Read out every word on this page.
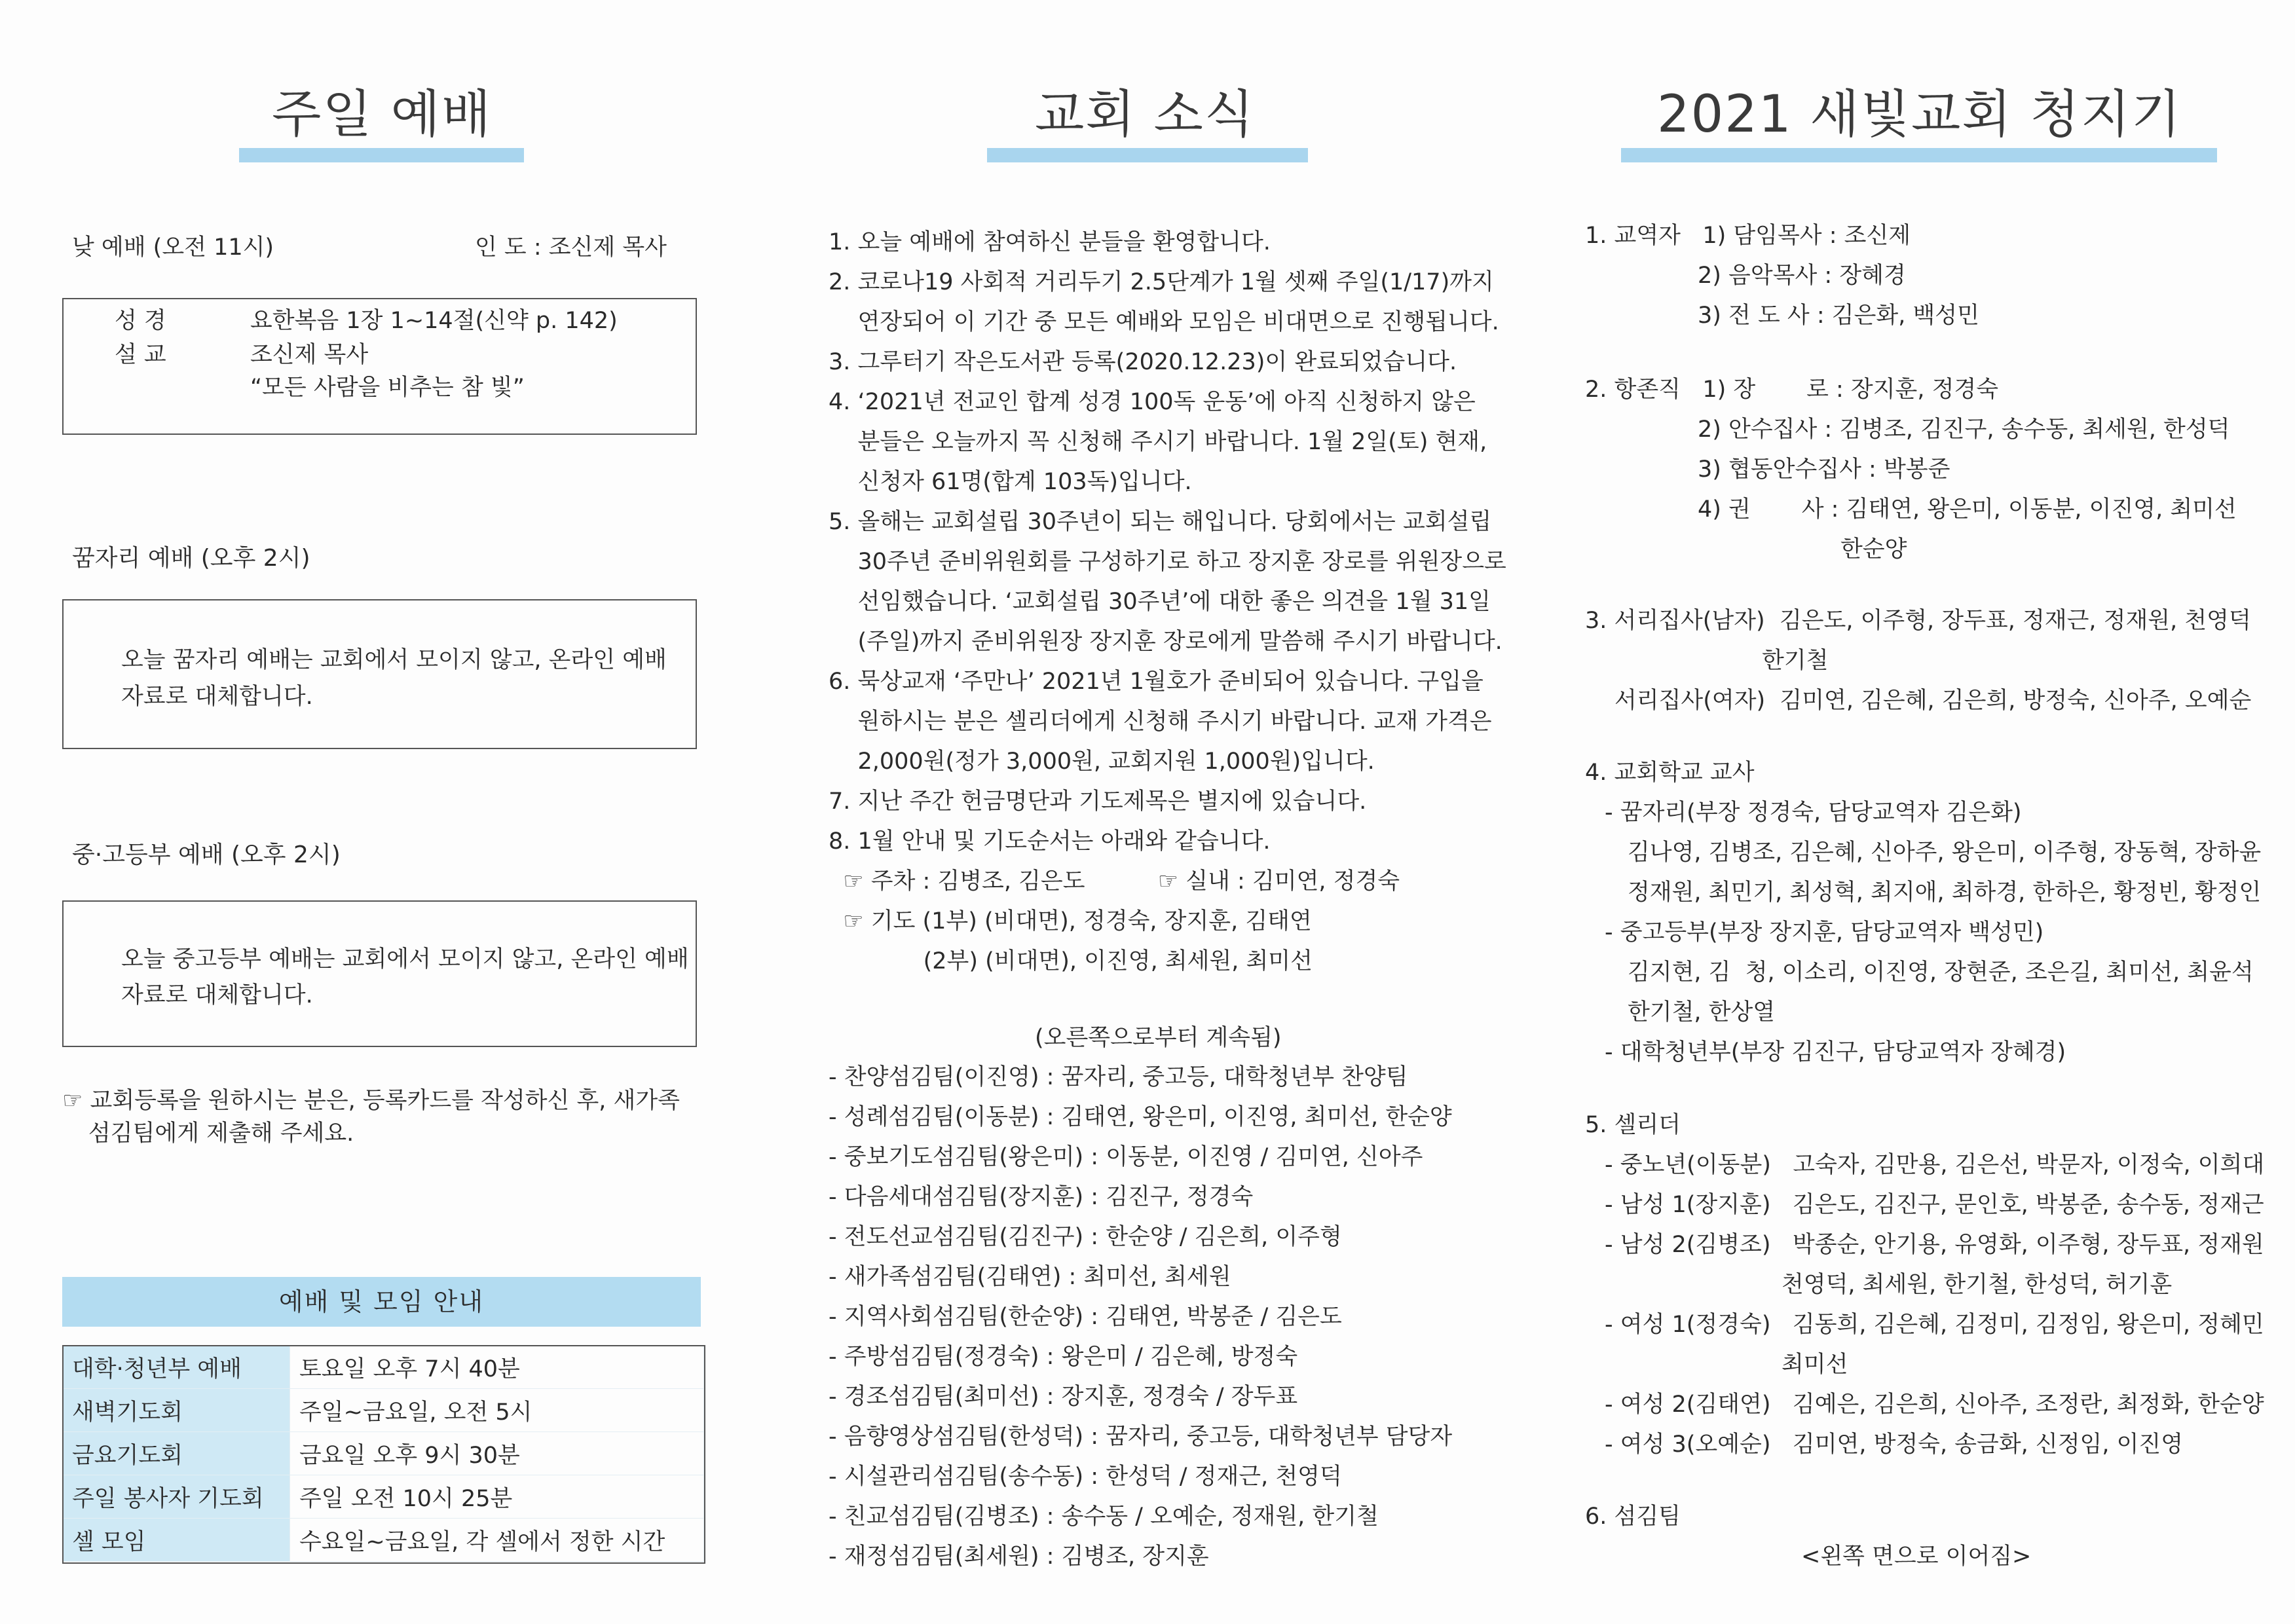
주일 예배
낮 예배 (오전 11시)	인 도 : 조신제 목사
성 경	요한복음 1장 1~14절(신약 p. 142)
설 교	조신제 목사
“모든 사람을 비추는 참 빛”
꿈자리 예배 (오후 2시)
오늘 꿈자리 예배는 교회에서 모이지 않고, 온라인 예배
자료로 대체합니다.
중·고등부 예배 (오후 2시)
오늘 중고등부 예배는 교회에서 모이지 않고, 온라인 예배
자료로 대체합니다.
☞ 교회등록을 원하시는 분은, 등록카드를 작성하신 후, 새가족
섬김팀에게 제출해 주세요.
예배 및 모임 안내
대학·청년부 예배	토요일 오후 7시 40분
새벽기도회	주일~금요일, 오전 5시
금요기도회	금요일 오후 9시 30분
주일 봉사자 기도회	주일 오전 10시 25분
셀 모임	수요일~금요일, 각 셀에서 정한 시간
교회 소식
1. 오늘 예배에 참여하신 분들을 환영합니다.
2. 코로나19 사회적 거리두기 2.5단계가 1월 셋째 주일(1/17)까지
연장되어 이 기간 중 모든 예배와 모임은 비대면으로 진행됩니다.
3. 그루터기 작은도서관 등록(2020.12.23)이 완료되었습니다.
4. ‘2021년 전교인 합계 성경 100독 운동’에 아직 신청하지 않은
분들은 오늘까지 꼭 신청해 주시기 바랍니다. 1월 2일(토) 현재,
신청자 61명(합계 103독)입니다.
5. 올해는 교회설립 30주년이 되는 해입니다. 당회에서는 교회설립
30주년 준비위원회를 구성하기로 하고 장지훈 장로를 위원장으로
선임했습니다. ‘교회설립 30주년’에 대한 좋은 의견을 1월 31일
(주일)까지 준비위원장 장지훈 장로에게 말씀해 주시기 바랍니다.
6. 묵상교재 ‘주만나’ 2021년 1월호가 준비되어 있습니다. 구입을
원하시는 분은 셀리더에게 신청해 주시기 바랍니다. 교재 가격은
2,000원(정가 3,000원, 교회지원 1,000원)입니다.
7. 지난 주간 헌금명단과 기도제목은 별지에 있습니다.
8. 1월 안내 및 기도순서는 아래와 같습니다.
☞ 주차 : 김병조, 김은도          ☞ 실내 : 김미연, 정경숙
☞ 기도 (1부) (비대면), 정경숙, 장지훈, 김태연
(2부) (비대면), 이진영, 최세원, 최미선
(오른쪽으로부터 계속됨)
- 찬양섬김팀(이진영) : 꿈자리, 중고등, 대학청년부 찬양팀
- 성례섬김팀(이동분) : 김태연, 왕은미, 이진영, 최미선, 한순양
- 중보기도섬김팀(왕은미) : 이동분, 이진영 / 김미연, 신아주
- 다음세대섬김팀(장지훈) : 김진구, 정경숙
- 전도선교섬김팀(김진구) : 한순양 / 김은희, 이주형
- 새가족섬김팀(김태연) : 최미선, 최세원
- 지역사회섬김팀(한순양) : 김태연, 박봉준 / 김은도
- 주방섬김팀(정경숙) : 왕은미 / 김은혜, 방정숙
- 경조섬김팀(최미선) : 장지훈, 정경숙 / 장두표
- 음향영상섬김팀(한성덕) : 꿈자리, 중고등, 대학청년부 담당자
- 시설관리섬김팀(송수동) : 한성덕 / 정재근, 천영덕
- 친교섬김팀(김병조) : 송수동 / 오예순, 정재원, 한기철
- 재정섬김팀(최세원) : 김병조, 장지훈
2021 새빛교회 청지기
1. 교역자   1) 담임목사 : 조신제
2) 음악목사 : 장혜경
3) 전 도 사 : 김은화, 백성민
2. 항존직   1) 장       로 : 장지훈, 정경숙
2) 안수집사 : 김병조, 김진구, 송수동, 최세원, 한성덕
3) 협동안수집사 : 박봉준
4) 권       사 : 김태연, 왕은미, 이동분, 이진영, 최미선
한순양
3. 서리집사(남자)  김은도, 이주형, 장두표, 정재근, 정재원, 천영덕
한기철
서리집사(여자)  김미연, 김은혜, 김은희, 방정숙, 신아주, 오예순
4. 교회학교 교사
- 꿈자리(부장 정경숙, 담당교역자 김은화)
김나영, 김병조, 김은혜, 신아주, 왕은미, 이주형, 장동혁, 장하윤
정재원, 최민기, 최성혁, 최지애, 최하경, 한하은, 황정빈, 황정인
- 중고등부(부장 장지훈, 담당교역자 백성민)
김지현, 김  청, 이소리, 이진영, 장현준, 조은길, 최미선, 최윤석
한기철, 한상열
- 대학청년부(부장 김진구, 담당교역자 장혜경)
5. 셀리더
- 중노년(이동분)   고숙자, 김만용, 김은선, 박문자, 이정숙, 이희대
- 남성 1(장지훈)   김은도, 김진구, 문인호, 박봉준, 송수동, 정재근
- 남성 2(김병조)   박종순, 안기용, 유영화, 이주형, 장두표, 정재원
천영덕, 최세원, 한기철, 한성덕, 허기훈
- 여성 1(정경숙)   김동희, 김은혜, 김정미, 김정임, 왕은미, 정혜민
최미선
- 여성 2(김태연)   김예은, 김은희, 신아주, 조정란, 최정화, 한순양
- 여성 3(오예순)   김미연, 방정숙, 송금화, 신정임, 이진영
6. 섬김팀
<왼쪽 면으로 이어짐>
